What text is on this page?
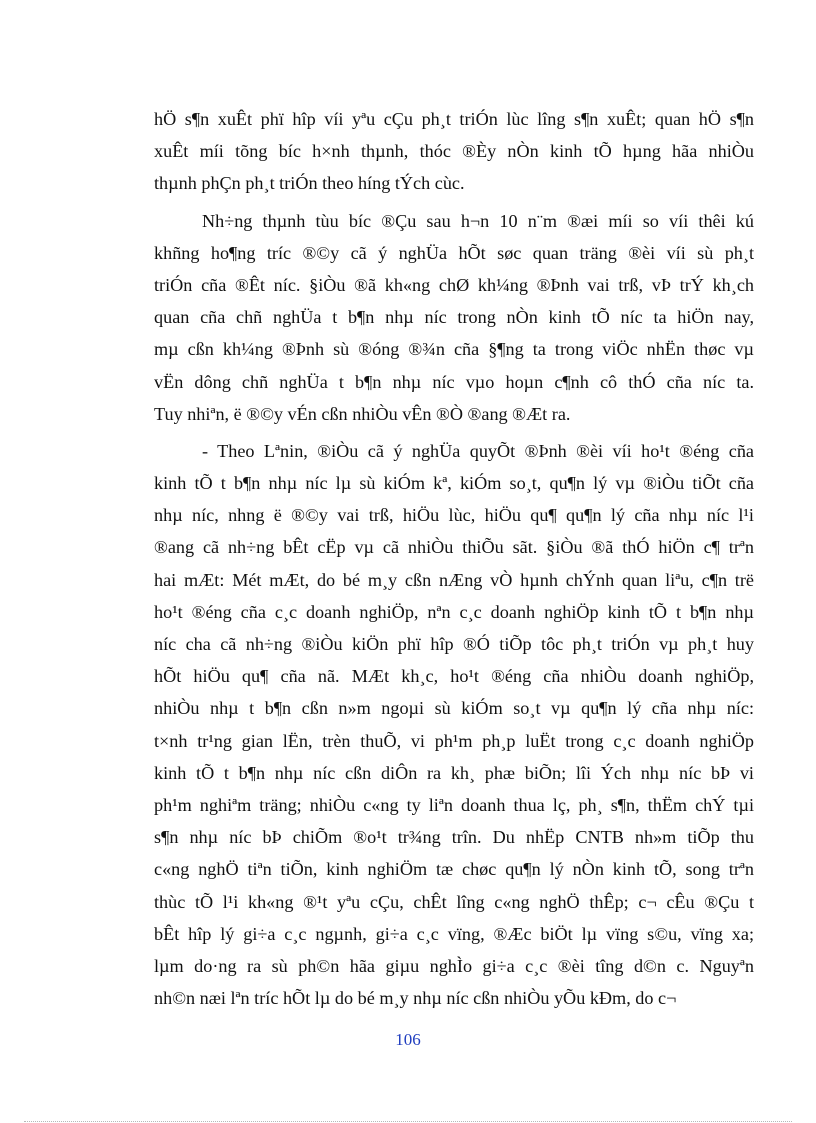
hÖ s¶n xuÊt phï hîp víi yªu cÇu ph¸t triÓn lùc lîng s¶n xuÊt; quan hÖ s¶n
xuÊt míi tõng bíc h×nh thµnh, thóc ®Èy nÒn kinh tÕ hµng hãa nhiÒu
thµnh phÇn ph¸t triÓn theo híng tÝch cùc.
Nh÷ng thµnh tùu bíc ®Çu sau h¬n 10 n¨m ®æi míi so víi thêi kú
khñng ho¶ng tríc ®©y cã ý nghÜa hÕt søc quan träng ®èi víi sù ph¸t
triÓn cña ®Êt níc. §iÒu ®ã kh«ng chØ kh¼ng ®Þnh vai trß, vÞ trÝ kh¸ch
quan cña chñ nghÜa t b¶n nhµ níc trong nÒn kinh tÕ níc ta hiÖn nay,
mµ cßn kh¼ng ®Þnh sù ®óng ®¾n cña §¶ng ta trong viÖc nhËn thøc vµ
vËn dông chñ nghÜa t b¶n nhµ níc vµo hoµn c¶nh cô thÓ cña níc ta.
Tuy nhiªn, ë ®©y vÉn cßn nhiÒu vÊn ®Ò ®ang ®Æt ra.
- Theo Lªnin, ®iÒu cã ý nghÜa quyÕt ®Þnh ®èi víi ho¹t ®éng cña
kinh tÕ t b¶n nhµ níc lµ sù kiÓm kª, kiÓm so¸t, qu¶n lý vµ ®iÒu tiÕt cña
nhµ níc, nhng ë ®©y vai trß, hiÖu lùc, hiÖu qu¶ qu¶n lý cña nhµ níc l¹i
®ang cã nh÷ng bÊt cËp vµ cã nhiÒu thiÕu sãt. §iÒu ®ã thÓ hiÖn c¶ trªn
hai mÆt: Mét mÆt, do bé m¸y cßn nÆng vÒ hµnh chÝnh quan liªu, c¶n trë
ho¹t ®éng cña c¸c doanh nghiÖp, nªn c¸c doanh nghiÖp kinh tÕ t b¶n nhµ
níc cha cã nh÷ng ®iÒu kiÖn phï hîp ®Ó tiÕp tôc ph¸t triÓn vµ ph¸t huy
hÕt hiÖu qu¶ cña nã. MÆt kh¸c, ho¹t ®éng cña nhiÒu doanh nghiÖp,
nhiÒu nhµ t b¶n cßn n»m ngoµi sù kiÓm so¸t vµ qu¶n lý cña nhµ níc:
t×nh tr¹ng gian lËn, trèn thuÕ, vi ph¹m ph¸p luËt trong c¸c doanh nghiÖp
kinh tÕ t b¶n nhµ níc cßn diÔn ra kh¸ phæ biÕn; lîi Ých nhµ níc bÞ vi
ph¹m nghiªm träng; nhiÒu c«ng ty liªn doanh thua lç, ph¸ s¶n, thËm chÝ tµi
s¶n nhµ níc bÞ chiÕm ®o¹t tr¾ng trîn. Du nhËp CNTB nh»m tiÕp thu
c«ng nghÖ tiªn tiÕn, kinh nghiÖm tæ chøc qu¶n lý nÒn kinh tÕ, song trªn
thùc tÕ l¹i kh«ng ®¹t yªu cÇu, chÊt lîng c«ng nghÖ thÊp; c¬ cÊu ®Çu t
bÊt hîp lý gi÷a c¸c ngµnh, gi÷a c¸c vïng, ®Æc biÖt lµ vïng s©u, vïng xa;
lµm do·ng ra sù ph©n hãa giµu nghÌo gi÷a c¸c ®èi tîng d©n c. Nguyªn
nh©n næi lªn tríc hÕt lµ do bé m¸y nhµ níc cßn nhiÒu yÕu kÐm, do c¬
106
